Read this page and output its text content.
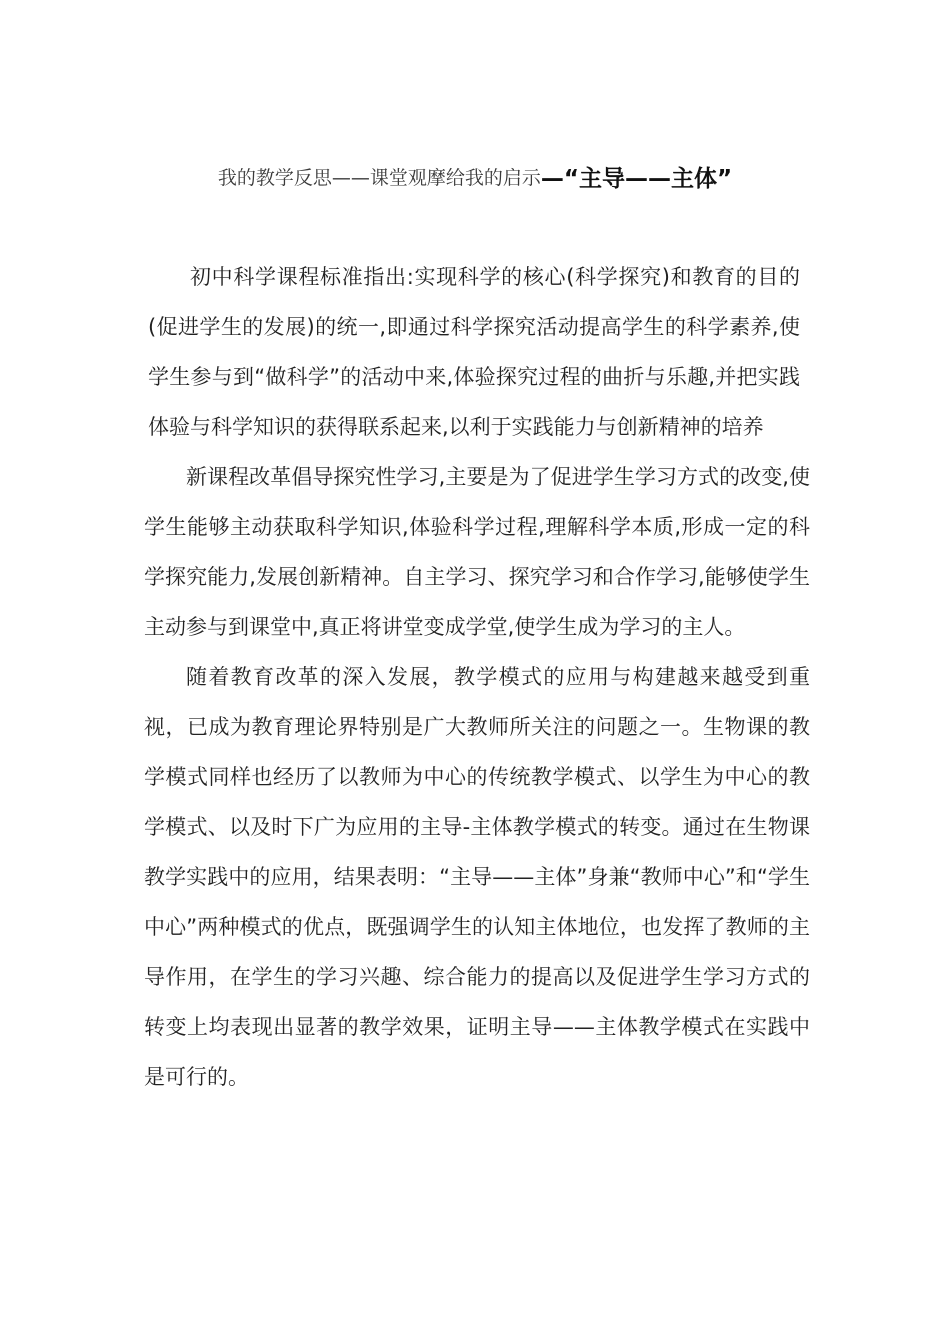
我的教学反思——课堂观摩给我的启示—“主导——主体”

初中科学课程标准指出:实现科学的核心(科学探究)和教育的目的(促进学生的发展)的统一,即通过科学探究活动提高学生的科学素养,使学生参与到“做科学”的活动中来,体验探究过程的曲折与乐趣,并把实践体验与科学知识的获得联系起来,以利于实践能力与创新精神的培养

新课程改革倡导探究性学习,主要是为了促进学生学习方式的改变,使学生能够主动获取科学知识,体验科学过程,理解科学本质,形成一定的科学探究能力,发展创新精神。自主学习、探究学习和合作学习,能够使学生主动参与到课堂中,真正将讲堂变成学堂,使学生成为学习的主人。

随着教育改革的深入发展，教学模式的应用与构建越来越受到重视，已成为教育理论界特别是广大教师所关注的问题之一。生物课的教学模式同样也经历了以教师为中心的传统教学模式、以学生为中心的教学模式、以及时下广为应用的主导-主体教学模式的转变。通过在生物课教学实践中的应用，结果表明：“主导——主体”身兼“教师中心”和“学生中心”两种模式的优点，既强调学生的认知主体地位，也发挥了教师的主导作用，在学生的学习兴趣、综合能力的提高以及促进学生学习方式的转变上均表现出显著的教学效果，证明主导——主体教学模式在实践中是可行的。
